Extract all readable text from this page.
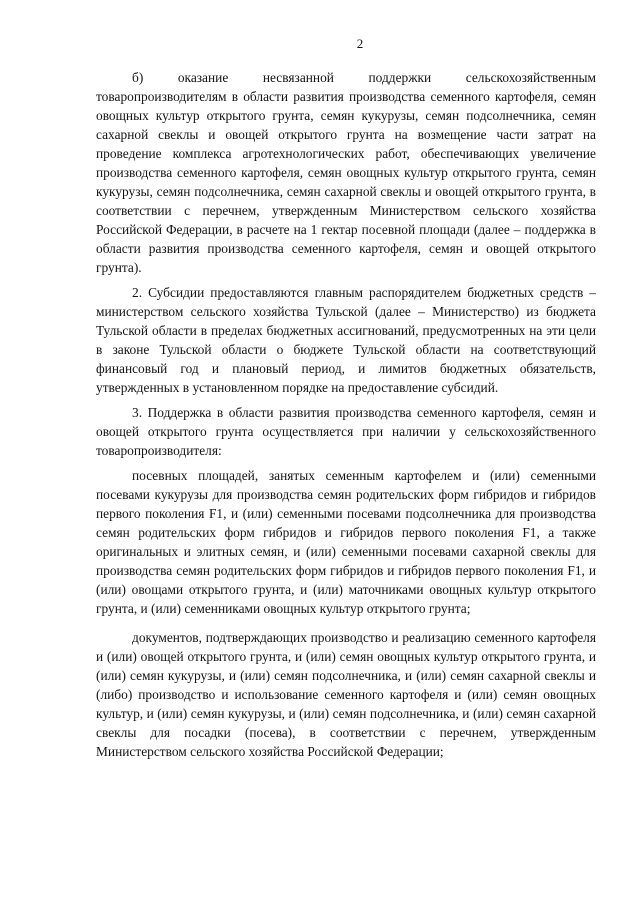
2

б) оказание несвязанной поддержки сельскохозяйственным товаропроизводителям в области развития производства семенного картофеля, семян овощных культур открытого грунта, семян кукурузы, семян подсолнечника, семян сахарной свеклы и овощей открытого грунта на возмещение части затрат на проведение комплекса агротехнологических работ, обеспечивающих увеличение производства семенного картофеля, семян овощных культур открытого грунта, семян кукурузы, семян подсолнечника, семян сахарной свеклы и овощей открытого грунта, в соответствии с перечнем, утвержденным Министерством сельского хозяйства Российской Федерации, в расчете на 1 гектар посевной площади (далее – поддержка в области развития производства семенного картофеля, семян и овощей открытого грунта).

2. Субсидии предоставляются главным распорядителем бюджетных средств – министерством сельского хозяйства Тульской (далее – Министерство) из бюджета Тульской области в пределах бюджетных ассигнований, предусмотренных на эти цели в законе Тульской области о бюджете Тульской области на соответствующий финансовый год и плановый период, и лимитов бюджетных обязательств, утвержденных в установленном порядке на предоставление субсидий.

3. Поддержка в области развития производства семенного картофеля, семян и овощей открытого грунта осуществляется при наличии у сельскохозяйственного товаропроизводителя:

посевных площадей, занятых семенным картофелем и (или) семенными посевами кукурузы для производства семян родительских форм гибридов и гибридов первого поколения F1, и (или) семенными посевами подсолнечника для производства семян родительских форм гибридов и гибридов первого поколения F1, а также оригинальных и элитных семян, и (или) семенными посевами сахарной свеклы для производства семян родительских форм гибридов и гибридов первого поколения F1, и (или) овощами открытого грунта, и (или) маточниками овощных культур открытого грунта, и (или) семенниками овощных культур открытого грунта;

документов, подтверждающих производство и реализацию семенного картофеля и (или) овощей открытого грунта, и (или) семян овощных культур открытого грунта, и (или) семян кукурузы, и (или) семян подсолнечника, и (или) семян сахарной свеклы и (либо) производство и использование семенного картофеля и (или) семян овощных культур, и (или) семян кукурузы, и (или) семян подсолнечника, и (или) семян сахарной свеклы для посадки (посева), в соответствии с перечнем, утвержденным Министерством сельского хозяйства Российской Федерации;
